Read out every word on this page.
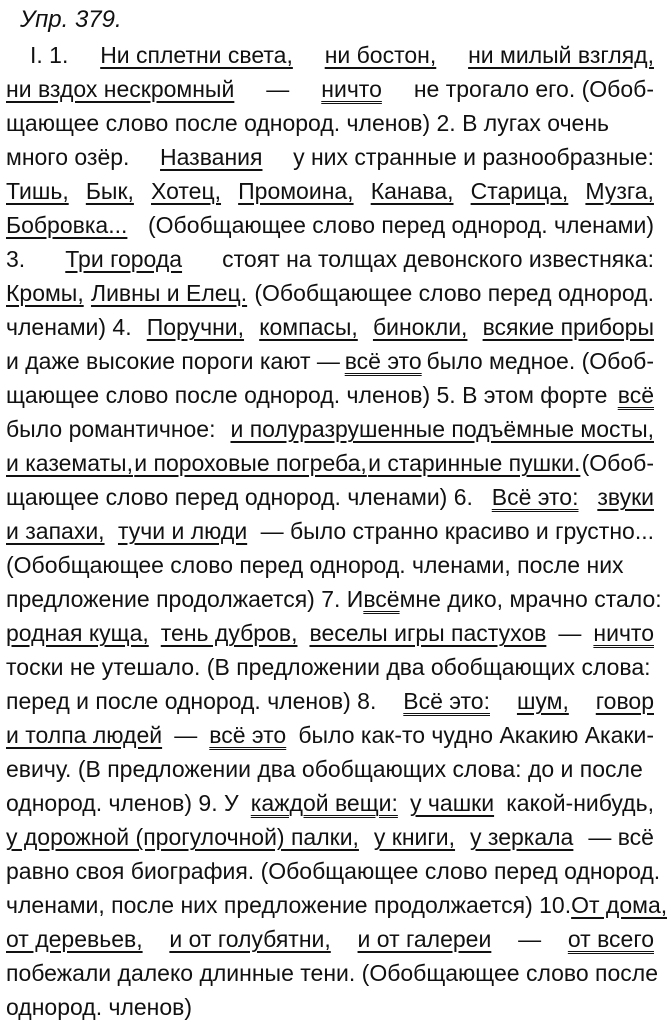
Упр. 379.
I. 1. Ни сплетни света, ни бостон, ни милый взгляд,
ни вздох нескромный — ничто не трогало его. (Обоб-
щающее слово после однород. членов) 2. В лугах очень
много озёр. Названия у них странные и разнообразные:
Тишь, Бык, Хотец, Промоина, Канава, Старица, Музга,
Бобровка... (Обобщающее слово перед однород. членами)
3. Три города стоят на толщах девонского известняка:
Кромы, Ливны и Елец. (Обобщающее слово перед однород.
членами) 4. Поручни, компасы, бинокли, всякие приборы
и даже высокие пороги кают — всё это было медное. (Обоб-
щающее слово после однород. членов) 5. В этом форте всё
было романтичное: и полуразрушенные подъёмные мосты,
и казематы, и пороховые погреба, и старинные пушки. (Обоб-
щающее слово перед однород. членами) 6. Всё это: звуки
и запахи, тучи и люди — было странно красиво и грустно...
(Обобщающее слово перед однород. членами, после них
предложение продолжается) 7. И всё мне дико, мрачно стало:
родная куща, тень дубров, веселы игры пастухов — ничто
тоски не утешало. (В предложении два обобщающих слова:
перед и после однород. членов) 8. Всё это: шум, говор
и толпа людей — всё это было как-то чудно Акакию Акаки-
евичу. (В предложении два обобщающих слова: до и после
однород. членов) 9. У каждой вещи: у чашки какой-нибудь,
у дорожной (прогулочной) палки, у книги, у зеркала — всё
равно своя биография. (Обобщающее слово перед однород.
членами, после них предложение продолжается) 10. От дома,
от деревьев, и от голубятни, и от галереи — от всего
побежали далеко длинные тени. (Обобщающее слово после
однород. членов)
